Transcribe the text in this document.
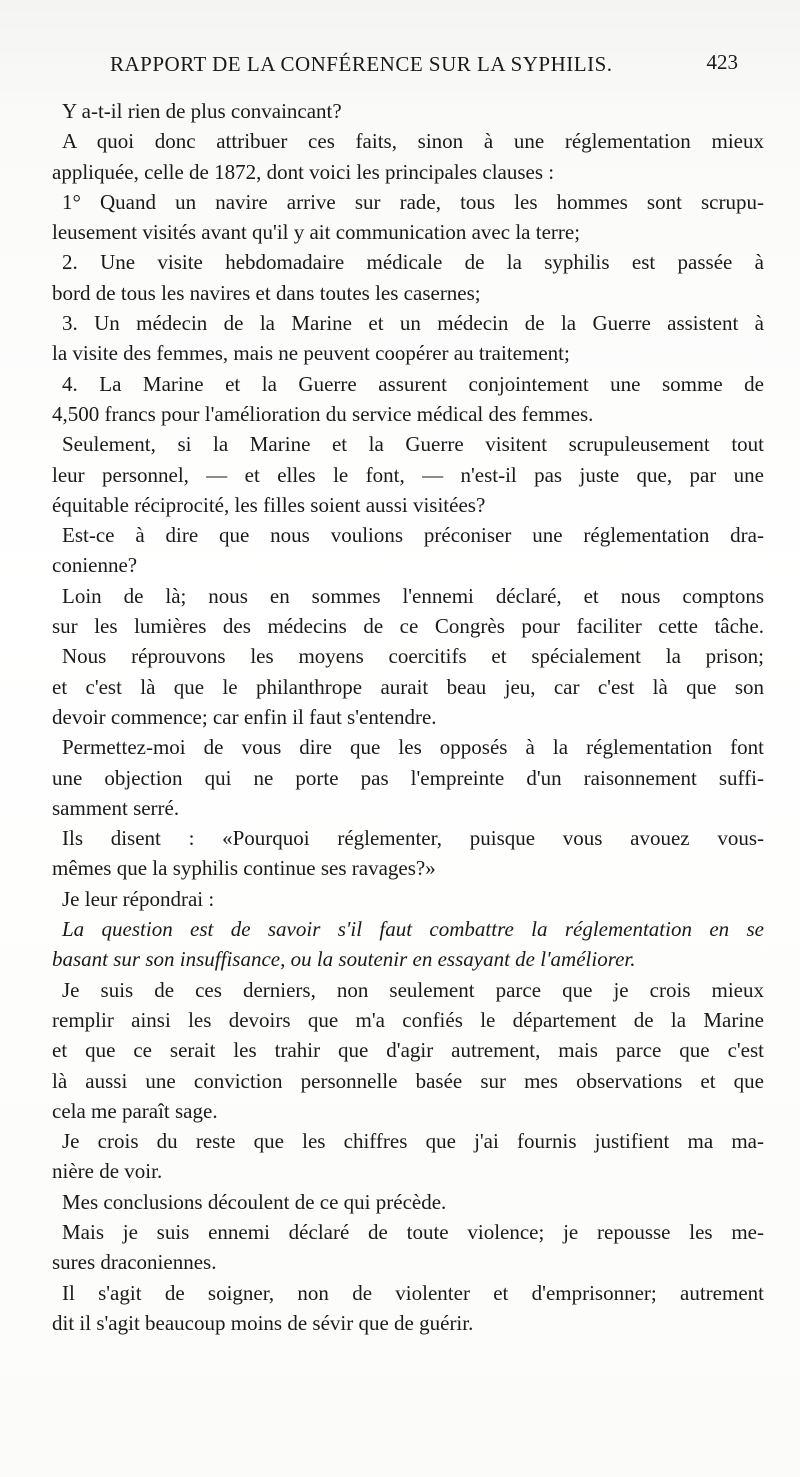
RAPPORT DE LA CONFÉRENCE SUR LA SYPHILIS.	423
Y a-t-il rien de plus convaincant?
A quoi donc attribuer ces faits, sinon à une réglementation mieux
appliquée, celle de 1872, dont voici les principales clauses :
1° Quand un navire arrive sur rade, tous les hommes sont scrupu-
leusement visités avant qu'il y ait communication avec la terre;
2. Une visite hebdomadaire médicale de la syphilis est passée à
bord de tous les navires et dans toutes les casernes;
3. Un médecin de la Marine et un médecin de la Guerre assistent à
la visite des femmes, mais ne peuvent coopérer au traitement;
4. La Marine et la Guerre assurent conjointement une somme de
4,500 francs pour l'amélioration du service médical des femmes.
Seulement, si la Marine et la Guerre visitent scrupuleusement tout
leur personnel, — et elles le font, — n'est-il pas juste que, par une
équitable réciprocité, les filles soient aussi visitées?
Est-ce à dire que nous voulions préconiser une réglementation dra-
conienne?
Loin de là; nous en sommes l'ennemi déclaré, et nous comptons
sur les lumières des médecins de ce Congrès pour faciliter cette tâche.
Nous réprouvons les moyens coercitifs et spécialement la prison;
et c'est là que le philanthrope aurait beau jeu, car c'est là que son
devoir commence; car enfin il faut s'entendre.
Permettez-moi de vous dire que les opposés à la réglementation font
une objection qui ne porte pas l'empreinte d'un raisonnement suffi-
samment serré.
Ils disent : «Pourquoi réglementer, puisque vous avouez vous-
mêmes que la syphilis continue ses ravages?»
Je leur répondrai :
La question est de savoir s'il faut combattre la réglementation en se
basant sur son insuffisance, ou la soutenir en essayant de l'améliorer.
Je suis de ces derniers, non seulement parce que je crois mieux
remplir ainsi les devoirs que m'a confiés le département de la Marine
et que ce serait les trahir que d'agir autrement, mais parce que c'est
là aussi une conviction personnelle basée sur mes observations et que
cela me paraît sage.
Je crois du reste que les chiffres que j'ai fournis justifient ma ma-
nière de voir.
Mes conclusions découlent de ce qui précède.
Mais je suis ennemi déclaré de toute violence; je repousse les me-
sures draconiennes.
Il s'agit de soigner, non de violenter et d'emprisonner; autrement
dit il s'agit beaucoup moins de sévir que de guérir.
